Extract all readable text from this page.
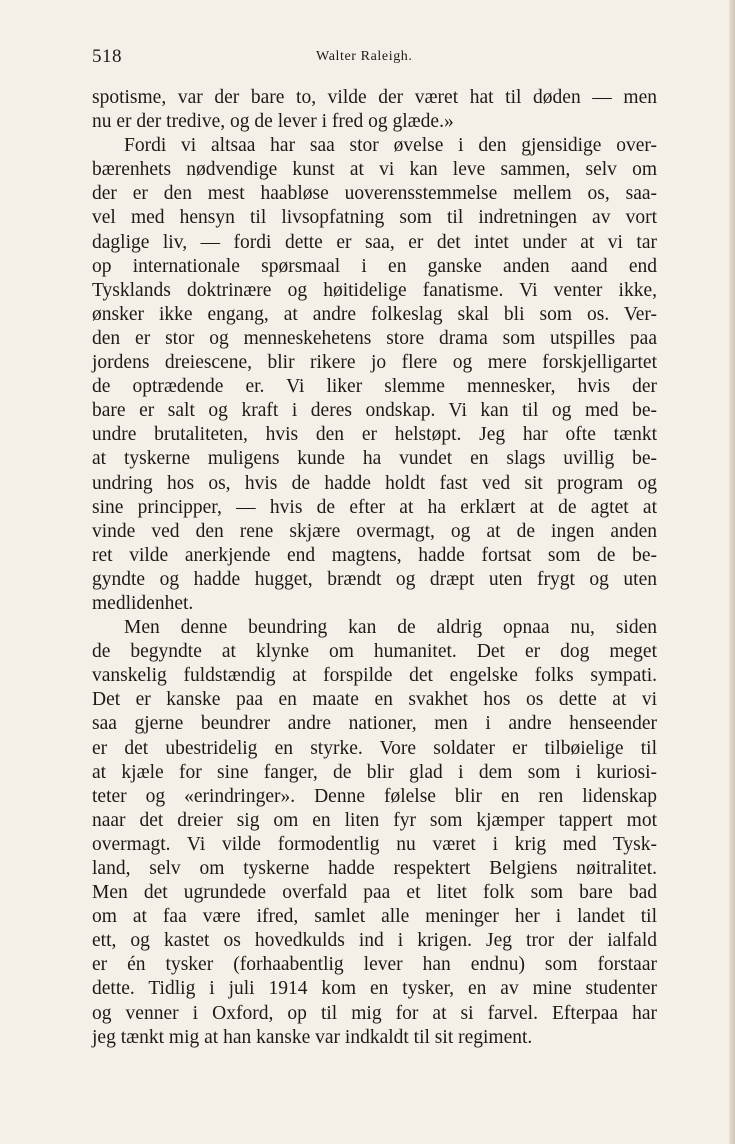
518	Walter Raleigh.
spotisme, var der bare to, vilde der været hat til døden — men
nu er der tredive, og de lever i fred og glæde.»
Fordi vi altsaa har saa stor øvelse i den gjensidige over-
bærenhets nødvendige kunst at vi kan leve sammen, selv om
der er den mest haabløse uoverensstemmelse mellem os, saa-
vel med hensyn til livsopfatning som til indretningen av vort
daglige liv, — fordi dette er saa, er det intet under at vi tar
op internationale spørsmaal i en ganske anden aand end
Tysklands doktrinære og høitidelige fanatisme. Vi venter ikke,
ønsker ikke engang, at andre folkeslag skal bli som os. Ver-
den er stor og menneskehetens store drama som utspilles paa
jordens dreiescene, blir rikere jo flere og mere forskjelligartet
de optrædende er. Vi liker slemme mennesker, hvis der
bare er salt og kraft i deres ondskap. Vi kan til og med be-
undre brutaliteten, hvis den er helstøpt. Jeg har ofte tænkt
at tyskerne muligens kunde ha vundet en slags uvillig be-
undring hos os, hvis de hadde holdt fast ved sit program og
sine principper, — hvis de efter at ha erklært at de agtet at
vinde ved den rene skjære overmagt, og at de ingen anden
ret vilde anerkjende end magtens, hadde fortsat som de be-
gyndte og hadde hugget, brændt og dræpt uten frygt og uten
medlidenhet.
Men denne beundring kan de aldrig opnaa nu, siden
de begyndte at klynke om humanitet. Det er dog meget
vanskelig fuldstændig at forspilde det engelske folks sympati.
Det er kanske paa en maate en svakhet hos os dette at vi
saa gjerne beundrer andre nationer, men i andre henseender
er det ubestridelig en styrke. Vore soldater er tilbøielige til
at kjæle for sine fanger, de blir glad i dem som i kuriosi-
teter og «erindringer». Denne følelse blir en ren lidenskap
naar det dreier sig om en liten fyr som kjæmper tappert mot
overmagt. Vi vilde formodentlig nu været i krig med Tysk-
land, selv om tyskerne hadde respektert Belgiens nøitralitet.
Men det ugrundede overfald paa et litet folk som bare bad
om at faa være ifred, samlet alle meninger her i landet til
ett, og kastet os hovedkulds ind i krigen. Jeg tror der ialfald
er én tysker (forhaabentlig lever han endnu) som forstaar
dette. Tidlig i juli 1914 kom en tysker, en av mine studenter
og venner i Oxford, op til mig for at si farvel. Efterpaa har
jeg tænkt mig at han kanske var indkaldt til sit regiment.
